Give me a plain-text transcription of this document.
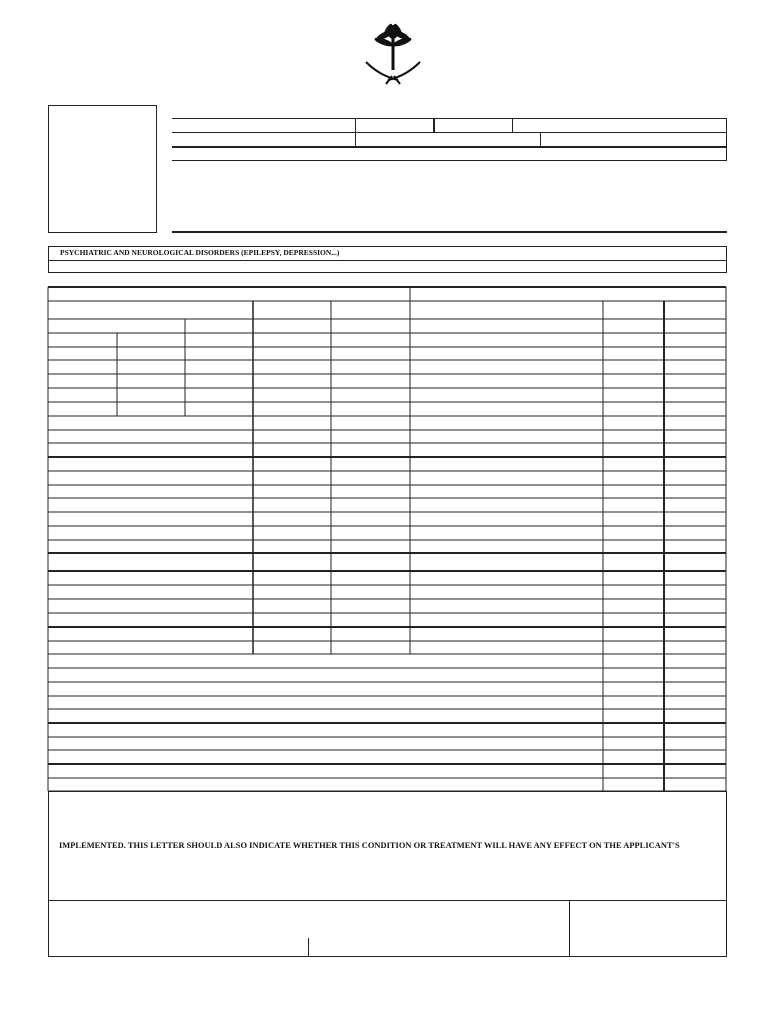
PSYCHIATRIC AND NEUROLOGICAL DISORDERS (EPILEPSY, DEPRESSION...)
IMPLEMENTED. THIS LETTER SHOULD ALSO INDICATE WHETHER THIS CONDITION OR TREATMENT WILL HAVE ANY EFFECT ON THE APPLICANT'S
